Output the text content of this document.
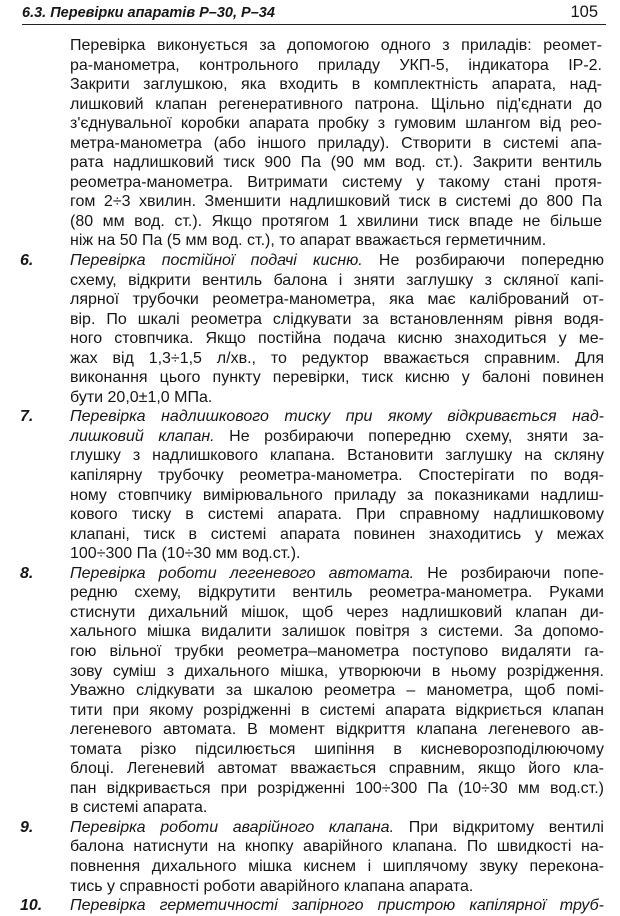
6.3. Перевірки апаратів Р–30, Р–34	105
Перевірка виконується за допомогою одного з приладів: реомет-
ра-манометра, контрольного приладу УКП-5, індикатора ІР-2.
Закрити заглушкою, яка входить в комплектність апарата, над-
лишковий клапан регенеративного патрона. Щільно під'єднати до
з'єднувальної коробки апарата пробку з гумовим шлангом від рео-
метра-манометра (або іншого приладу). Створити в системі апа-
рата надлишковий тиск 900 Па (90 мм вод. ст.). Закрити вентиль
реометра-манометра. Витримати систему у такому стані протя-
гом 2÷3 хвилин. Зменшити надлишковий тиск в системі до 800 Па
(80 мм вод. ст.). Якщо протягом 1 хвилини тиск впаде не більше
ніж на 50 Па (5 мм вод. ст.), то апарат вважається герметичним.
6. Перевірка постійної подачі кисню. Не розбираючи попередню
схему, відкрити вентиль балона і зняти заглушку з скляної капі-
лярної трубочки реометра-манометра, яка має калібрований от-
вір. По шкалі реометра слідкувати за встановленням рівня водя-
ного стовпчика. Якщо постійна подача кисню знаходиться у ме-
жах від 1,3÷1,5 л/хв., то редуктор вважається справним. Для
виконання цього пункту перевірки, тиск кисню у балоні повинен
бути 20,0±1,0 МПа.
7. Перевірка надлишкового тиску при якому відкривається над-
лишковий клапан. Не розбираючи попередню схему, зняти за-
глушку з надлишкового клапана. Встановити заглушку на скляну
капілярну трубочку реометра-манометра. Спостерігати по водя-
ному стовпчику вимірювального приладу за показниками надлиш-
кового тиску в системі апарата. При справному надлишковому
клапані, тиск в системі апарата повинен знаходитись у межах
100÷300 Па (10÷30 мм вод.ст.).
8. Перевірка роботи легеневого автомата. Не розбираючи попе-
редню схему, відкрутити вентиль реометра-манометра. Руками
стиснути дихальний мішок, щоб через надлишковий клапан ди-
хального мішка видалити залишок повітря з системи. За допомо-
гою вільної трубки реометра–манометра поступово видаляти га-
зову суміш з дихального мішка, утворюючи в ньому розрідження.
Уважно слідкувати за шкалою реометра – манометра, щоб помі-
тити при якому розрідженні в системі апарата відкриється клапан
легеневого автомата. В момент відкриття клапана легеневого ав-
томата різко підсилюється шипіння в кисневорозподілюючому
блоці. Легеневий автомат вважається справним, якщо його кла-
пан відкривається при розрідженні 100÷300 Па (10÷30 мм вод.ст.)
в системі апарата.
9. Перевірка роботи аварійного клапана. При відкритому вентилі
балона натиснути на кнопку аварійного клапана. По швидкості на-
повнення дихального мішка киснем і шиплячому звуку перекона-
тись у справності роботи аварійного клапана апарата.
10. Перевірка герметичності запірного пристрою капілярної труб-
